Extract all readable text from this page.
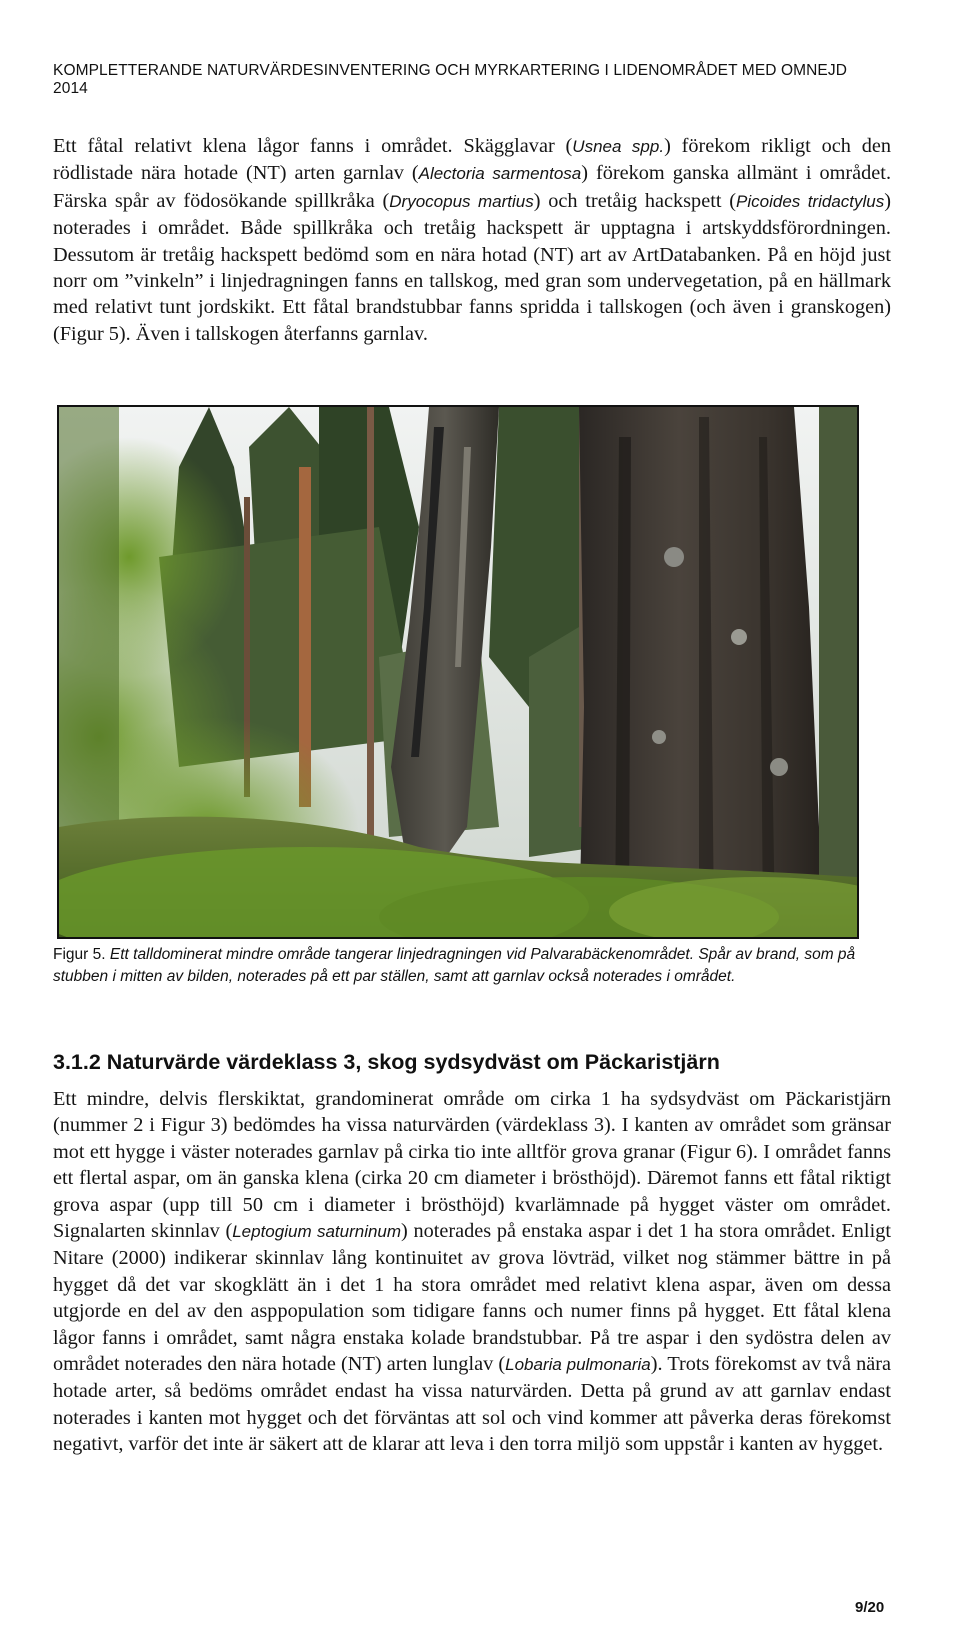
KOMPLETTERANDE NATURVÄRDESINVENTERING OCH MYRKARTERING I LIDENOMRÅDET MED OMNEJD
2014
Ett fåtal relativt klena lågor fanns i området. Skägglavar (Usnea spp.) förekom rikligt och den rödlistade nära hotade (NT) arten garnlav (Alectoria sarmentosa) förekom ganska allmänt i området. Färska spår av födosökande spillkråka (Dryocopus martius) och tretåig hackspett (Picoides tridactylus) noterades i området. Både spillkråka och tretåig hackspett är upptagna i artskyddsförordningen. Dessutom är tretåig hackspett bedömd som en nära hotad (NT) art av ArtDatabanken. På en höjd just norr om ”vinkeln” i linjedragningen fanns en tallskog, med gran som undervegetation, på en hällmark med relativt tunt jordskikt. Ett fåtal brandstubbar fanns spridda i tallskogen (och även i granskogen) (Figur 5). Även i tallskogen återfanns garnlav.
Figur 5. Ett talldominerat mindre område tangerar linjedragningen vid Palvarabäckenområdet. Spår av brand, som på stubben i mitten av bilden, noterades på ett par ställen, samt att garnlav också noterades i området.
3.1.2 Naturvärde värdeklass 3, skog sydsydväst om Päckaristjärn
Ett mindre, delvis flerskiktat, grandominerat område om cirka 1 ha sydsydväst om Päckaristjärn (nummer 2 i Figur 3) bedömdes ha vissa naturvärden (värdeklass 3). I kanten av området som gränsar mot ett hygge i väster noterades garnlav på cirka tio inte alltför grova granar (Figur 6). I området fanns ett flertal aspar, om än ganska klena (cirka 20 cm diameter i brösthöjd). Däremot fanns ett fåtal riktigt grova aspar (upp till 50 cm i diameter i brösthöjd) kvarlämnade på hygget väster om området. Signalarten skinnlav (Leptogium saturninum) noterades på enstaka aspar i det 1 ha stora området. Enligt Nitare (2000) indikerar skinnlav lång kontinuitet av grova lövträd, vilket nog stämmer bättre in på hygget då det var skogklätt än i det 1 ha stora området med relativt klena aspar, även om dessa utgjorde en del av den asppopulation som tidigare fanns och numer finns på hygget. Ett fåtal klena lågor fanns i området, samt några enstaka kolade brandstubbar. På tre aspar i den sydöstra delen av området noterades den nära hotade (NT) arten lunglav (Lobaria pulmonaria). Trots förekomst av två nära hotade arter, så bedöms området endast ha vissa naturvärden. Detta på grund av att garnlav endast noterades i kanten mot hygget och det förväntas att sol och vind kommer att påverka deras förekomst negativt, varför det inte är säkert att de klarar att leva i den torra miljö som uppstår i kanten av hygget.
9/20
